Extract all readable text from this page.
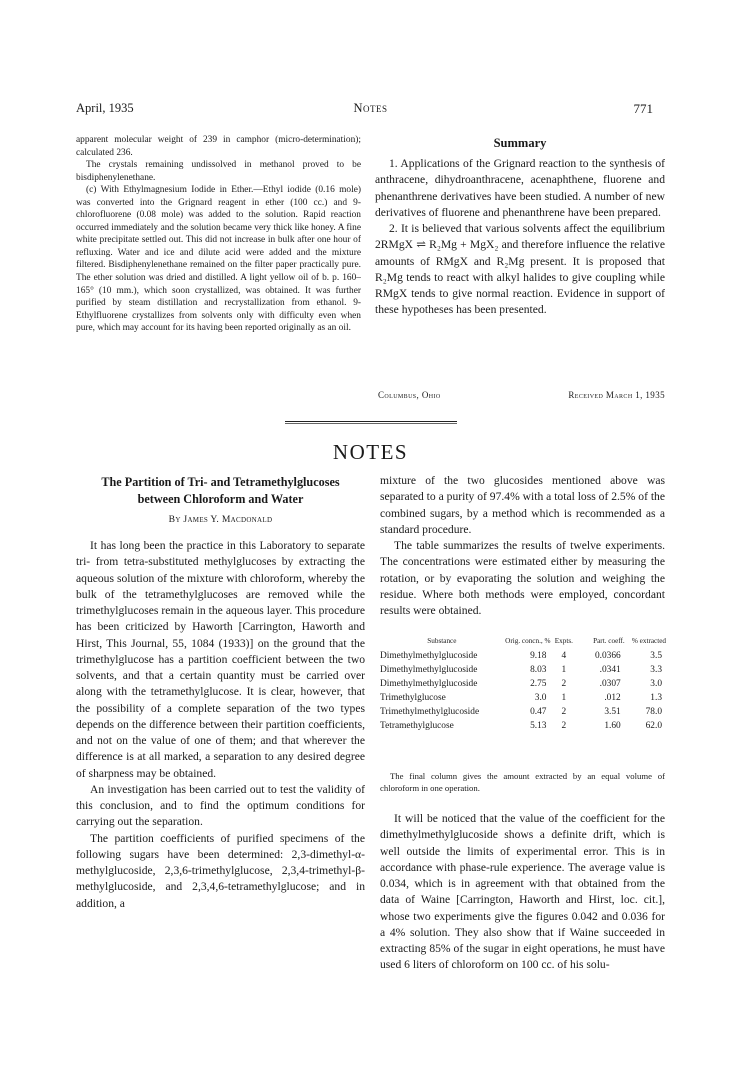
April, 1935	Notes	771

apparent molecular weight of 239 in camphor (micro-determination); calculated 236.

The crystals remaining undissolved in methanol proved to be bisdiphenylenethane.

(c) With Ethylmagnesium Iodide in Ether.—Ethyl iodide (0.16 mole) was converted into the Grignard reagent in ether (100 cc.) and 9-chlorofluorene (0.08 mole) was added to the solution. Rapid reaction occurred immediately and the solution became very thick like honey. A fine white precipitate settled out. This did not increase in bulk after one hour of refluxing. Water and ice and dilute acid were added and the mixture filtered. Bisdiphenylenethane remained on the filter paper practically pure. The ether solution was dried and distilled. A light yellow oil of b. p. 160–165° (10 mm.), which soon crystallized, was obtained. It was further purified by steam distillation and recrystallization from ethanol. 9-Ethylfluorene crystallizes from solvents only with difficulty even when pure, which may account for its having been reported originally as an oil.

Summary

1. Applications of the Grignard reaction to the synthesis of anthracene, dihydroanthracene, acenaphthene, fluorene and phenanthrene derivatives have been studied. A number of new derivatives of fluorene and phenanthrene have been prepared.

2. It is believed that various solvents affect the equilibrium 2RMgX ⇌ R₂Mg + MgX₂ and therefore influence the relative amounts of RMgX and R₂Mg present. It is proposed that R₂Mg tends to react with alkyl halides to give coupling while RMgX tends to give normal reaction. Evidence in support of these hypotheses has been presented.

Columbus, Ohio	Received March 1, 1935
NOTES
The Partition of Tri- and Tetramethylglucoses
between Chloroform and Water
By James Y. Macdonald

It has long been the practice in this Laboratory to separate tri- from tetra-substituted methylglucoses by extracting the aqueous solution of the mixture with chloroform, whereby the bulk of the tetramethylglucoses are removed while the trimethylglucoses remain in the aqueous layer. This procedure has been criticized by Haworth [Carrington, Haworth and Hirst, This Journal, 55, 1084 (1933)] on the ground that the trimethylglucose has a partition coefficient between the two solvents, and that a certain quantity must be carried over along with the tetramethylglucose. It is clear, however, that the possibility of a complete separation of the two types depends on the difference between their partition coefficients, and not on the value of one of them; and that wherever the difference is at all marked, a separation to any desired degree of sharpness may be obtained.

An investigation has been carried out to test the validity of this conclusion, and to find the optimum conditions for carrying out the separation.

The partition coefficients of purified specimens of the following sugars have been determined: 2,3-dimethyl-α-methylglucoside, 2,3,6-trimethylglucose, 2,3,4-trimethyl-β-methylglucoside, and 2,3,4,6-tetramethylglucose; and in addition, a

mixture of the two glucosides mentioned above was separated to a purity of 97.4% with a total loss of 2.5% of the combined sugars, by a method which is recommended as a standard procedure.

The table summarizes the results of twelve experiments. The concentrations were estimated either by measuring the rotation, or by evaporating the solution and weighing the residue. Where both methods were employed, concordant results were obtained.

Substance	Orig. concn., %	Expts.	Part. coeff.	% extracted
Dimethylmethylglucoside	9.18	4	0.0366	3.5
Dimethylmethylglucoside	8.03	1	.0341	3.3
Dimethylmethylglucoside	2.75	2	.0307	3.0
Trimethylglucose	3.0	1	.012	1.3
Trimethylmethylglucoside	0.47	2	3.51	78.0
Tetramethylglucose	5.13	2	1.60	62.0
The final column gives the amount extracted by an equal volume of chloroform in one operation.

It will be noticed that the value of the coefficient for the dimethylmethylglucoside shows a definite drift, which is well outside the limits of experimental error. This is in accordance with phase-rule experience. The average value is 0.034, which is in agreement with that obtained from the data of Waine [Carrington, Haworth and Hirst, loc. cit.], whose two experiments give the figures 0.042 and 0.036 for a 4% solution. They also show that if Waine succeeded in extracting 85% of the sugar in eight operations, he must have used 6 liters of chloroform on 100 cc. of his solu-
